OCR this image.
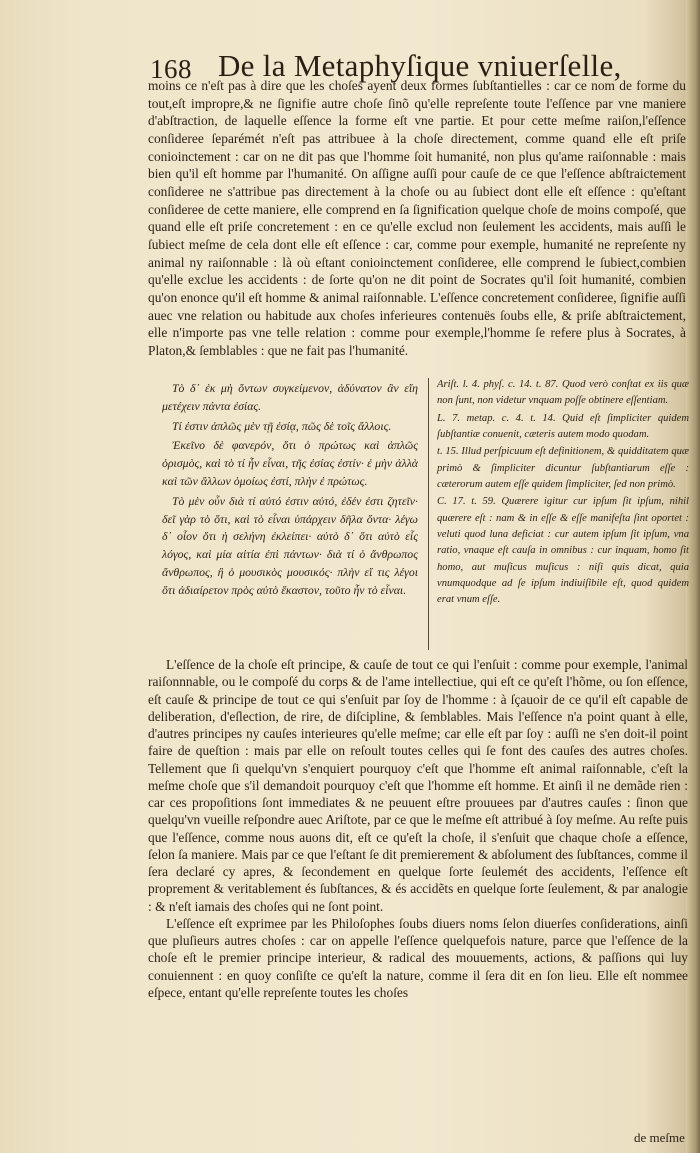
168 De la Metaphyſique vniuerſelle,

moins ce n'eſt pas à dire que les choſes ayent deux formes ſubſtantielles : car ce nom de forme du tout,eſt impropre,& ne ſignifie autre choſe ſinõ qu'elle repreſente toute l'eſſence par vne maniere d'abſtraction, de laquelle eſſence la forme eſt vne partie. Et pour cette meſme raiſon,l'eſſence conſideree ſeparémét n'eſt pas attribuee à la choſe directement, comme quand elle eſt priſe conioinctement : car on ne dit pas que l'homme ſoit humanité, non plus qu'ame raiſonnable : mais bien qu'il eſt homme par l'humanité. On aſſigne auſſi pour cauſe de ce que l'eſſence abſtraictement conſideree ne s'attribue pas directement à la choſe ou au ſubiect dont elle eſt eſſence : qu'eſtant conſideree de cette maniere, elle comprend en ſa ſignification quelque choſe de moins compoſé, que quand elle eſt priſe concretement : en ce qu'elle exclud non ſeulement les accidents, mais auſſi le ſubiect meſme de cela dont elle eſt eſſence : car, comme pour exemple, humanité ne repreſente ny animal ny raiſonnable : là où eſtant conioinctement conſideree, elle comprend le ſubiect,combien qu'elle exclue les accidents : de ſorte qu'on ne dit point de Socrates qu'il ſoit humanité, combien qu'on enonce qu'il eſt homme & animal raiſonnable. L'eſſence concretement conſideree, ſignifie auſſi auec vne relation ou habitude aux choſes inferieures contenuës ſoubs elle, & priſe abſtraictement, elle n'importe pas vne telle relation : comme pour exemple,l'homme ſe refere plus à Socrates, à Platon,& ſemblables : que ne fait pas l'humanité.

Τὸ δ᾽ ἐκ μὴ ὄντων συγκείμενον, ἀδύνατον ἂν εἴη μετέχειν πάντα ἐσίας.

Τί ἐστιν ἁπλῶς μὲν τῇ ἐσίᾳ, πῶς δὲ τοῖς ἄλλοις.

Ἐκεῖνο δὲ φανερόν, ὅτι ὁ πρώτως καὶ ἁπλῶς ὁρισμὸς, καὶ τὸ τί ἦν εἶναι, τῆς ἐσίας ἐστίν· ἐ μὴν ἀλλὰ καὶ τῶν ἄλλων ὁμοίως ἐστί, πλὴν ἐ πρώτως.

Τὸ μὲν οὖν διὰ τί αὐτό ἐστιν αὐτό, ἐδέν ἐστι ζητεῖν· δεῖ γὰρ τὸ ὅτι, καὶ τὸ εἶναι ὑπάρχειν δῆλα ὄντα· λέγω δ᾽ οἷον ὅτι ἡ σελήνη ἐκλείπει· αὐτὸ δ᾽ ὅτι αὐτὸ εἷς λόγος, καὶ μία αἰτία ἐπὶ πάντων· διὰ τί ὁ ἄνθρωπος ἄνθρωπος, ἢ ὁ μουσικὸς μουσικός· πλὴν εἴ τις λέγοι ὅτι ἀδιαίρετον πρὸς αὐτὸ ἕκαστον, τοῦτο ἦν τὸ εἶναι.

Ariſt. l. 4. phyſ. c. 14. t. 87. Quod verò conſtat ex iis quæ non ſunt, non videtur vnquam poſſe obtinere eſſentiam.

L. 7. metap. c. 4. t. 14. Quid eſt ſimpliciter quidem ſubſtantiæ conuenit, cæteris autem modo quodam.

t. 15. Illud perſpicuum eſt definitionem, & quidditatem quæ primò & ſimpliciter dicuntur ſubſtantiarum eſſe : cæterorum autem eſſe quidem ſimpliciter, ſed non primò.

C. 17. t. 59. Quærere igitur cur ipſum ſit ipſum, nihil quærere eſt : nam & in eſſe & eſſe manifeſta ſint oportet : veluti quod luna deficiat : cur autem ipſum ſit ipſum, vna ratio, vnaque eſt cauſa in omnibus : cur inquam, homo ſit homo, aut muſicus muſicus : niſi quis dicat, quia vnumquodque ad ſe ipſum indiuiſibile eſt, quod quidem erat vnum eſſe.

L'eſſence de la choſe eſt principe, & cauſe de tout ce qui l'enſuit : comme pour exemple, l'animal raiſonnnable, ou le compoſé du corps & de l'ame intellectiue, qui eſt ce qu'eſt l'hõme, ou ſon eſſence, eſt cauſe & principe de tout ce qui s'enſuit par ſoy de l'homme : à ſçauoir de ce qu'il eſt capable de deliberation, d'eſlection, de rire, de diſcipline, & ſemblables. Mais l'eſſence n'a point quant à elle, d'autres principes ny cauſes interieures qu'elle meſme; car elle eſt par ſoy : auſſi ne s'en doit-il point faire de queſtion : mais par elle on reſoult toutes celles qui ſe font des cauſes des autres choſes. Tellement que ſi quelqu'vn s'enquiert pourquoy c'eſt que l'homme eſt animal raiſonnable, c'eſt la meſme choſe que s'il demandoit pourquoy c'eſt que l'homme eſt homme. Et ainſi il ne demãde rien : car ces propoſitions ſont immediates & ne peuuent eſtre prouuees par d'autres cauſes : ſinon que quelqu'vn vueille reſpondre auec Ariſtote, par ce que le meſme eſt attribué à ſoy meſme. Au reſte puis que l'eſſence, comme nous auons dit, eſt ce qu'eſt la choſe, il s'enſuit que chaque choſe a eſſence, ſelon ſa maniere. Mais par ce que l'eſtant ſe dit premierement & abſolument des ſubſtances, comme il ſera declaré cy apres, & ſecondement en quelque ſorte ſeulemét des accidents, l'eſſence eſt proprement & veritablement és ſubſtances, & és accidẽts en quelque ſorte ſeulement, & par analogie : & n'eſt iamais des choſes qui ne ſont point.

L'eſſence eſt exprimee par les Philoſophes ſoubs diuers noms ſelon diuerſes conſiderations, ainſi que pluſieurs autres choſes : car on appelle l'eſſence quelquefois nature, parce que l'eſſence de la choſe eſt le premier principe interieur, & radical des mouuements, actions, & paſſions qui luy conuiennent : en quoy conſiſte ce qu'eſt la nature, comme il ſera dit en ſon lieu. Elle eſt nommee eſpece, entant qu'elle repreſente toutes les choſes

de meſme
